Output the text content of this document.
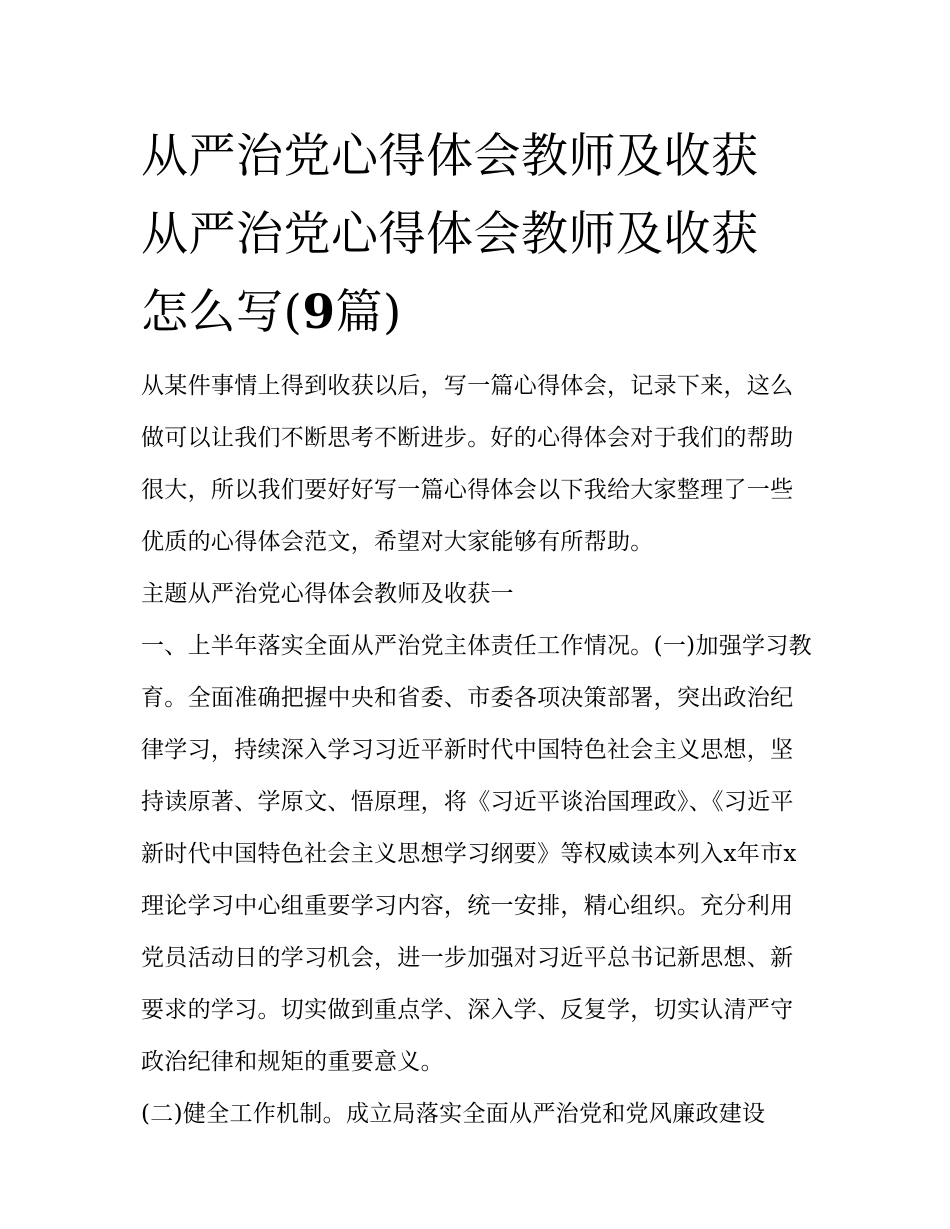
从严治党心得体会教师及收获
从严治党心得体会教师及收获
怎么写(9篇)

从某件事情上得到收获以后，写一篇心得体会，记录下来，这么做可以让我们不断思考不断进步。好的心得体会对于我们的帮助很大，所以我们要好好写一篇心得体会以下我给大家整理了一些优质的心得体会范文，希望对大家能够有所帮助。

主题从严治党心得体会教师及收获一

一、上半年落实全面从严治党主体责任工作情况。(一)加强学习教育。全面准确把握中央和省委、市委各项决策部署，突出政治纪律学习，持续深入学习习近平新时代中国特色社会主义思想，坚持读原著、学原文、悟原理，将《习近平谈治国理政》、《习近平新时代中国特色社会主义思想学习纲要》等权威读本列入x年市x理论学习中心组重要学习内容，统一安排，精心组织。充分利用党员活动日的学习机会，进一步加强对习近平总书记新思想、新要求的学习。切实做到重点学、深入学、反复学，切实认清严守政治纪律和规矩的重要意义。

(二)健全工作机制。成立局落实全面从严治党和党风廉政建设
